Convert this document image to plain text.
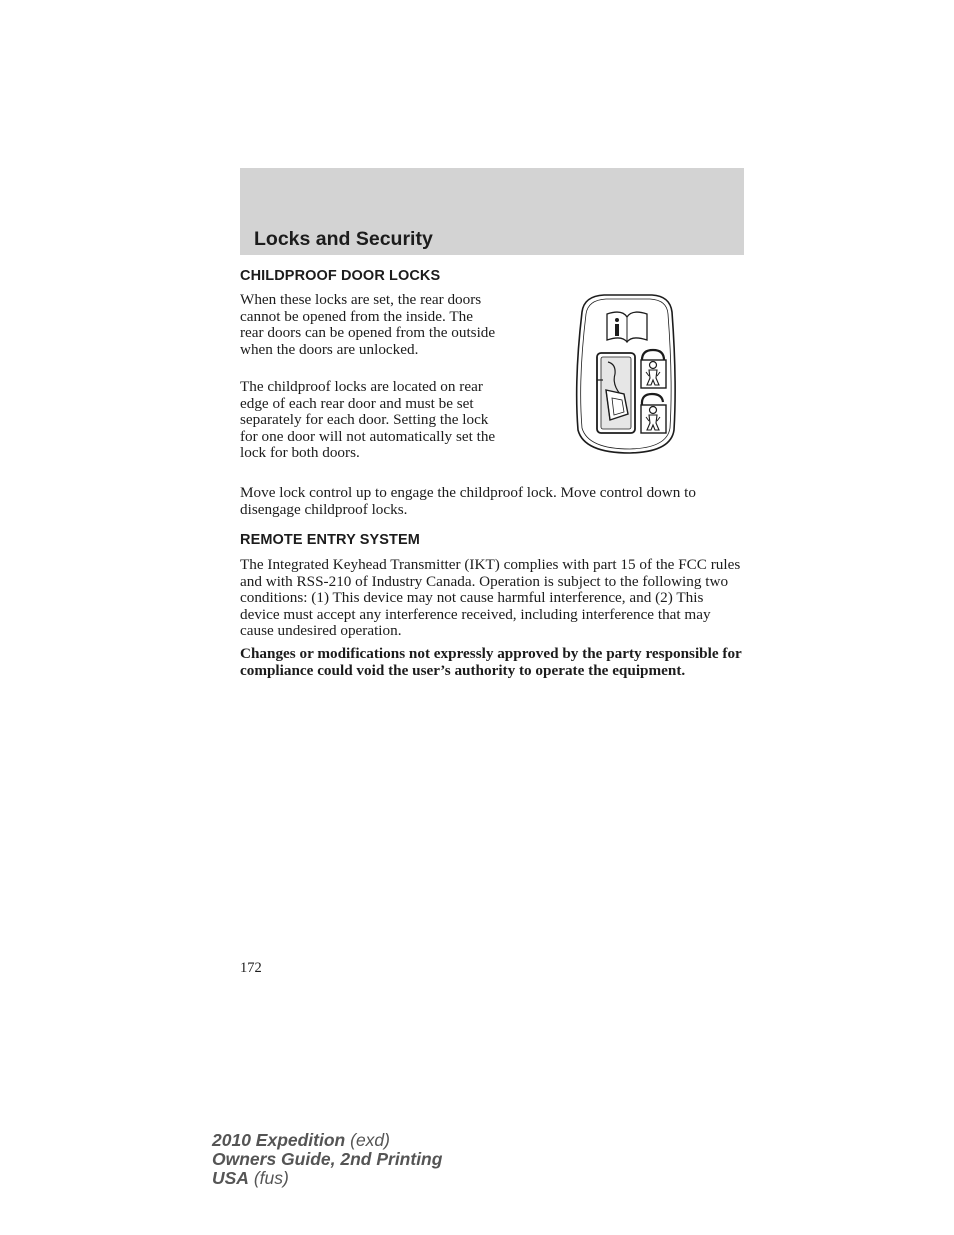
Locks and Security
CHILDPROOF DOOR LOCKS

When these locks are set, the rear doors cannot be opened from the inside. The rear doors can be opened from the outside when the doors are unlocked.

The childproof locks are located on rear edge of each rear door and must be set separately for each door. Setting the lock for one door will not automatically set the lock for both doors.

Move lock control up to engage the childproof lock. Move control down to disengage childproof locks.

REMOTE ENTRY SYSTEM

The Integrated Keyhead Transmitter (IKT) complies with part 15 of the FCC rules and with RSS-210 of Industry Canada. Operation is subject to the following two conditions: (1) This device may not cause harmful interference, and (2) This device must accept any interference received, including interference that may cause undesired operation.

Changes or modifications not expressly approved by the party responsible for compliance could void the user’s authority to operate the equipment.

172
2010 Expedition (exd)
Owners Guide, 2nd Printing
USA (fus)
